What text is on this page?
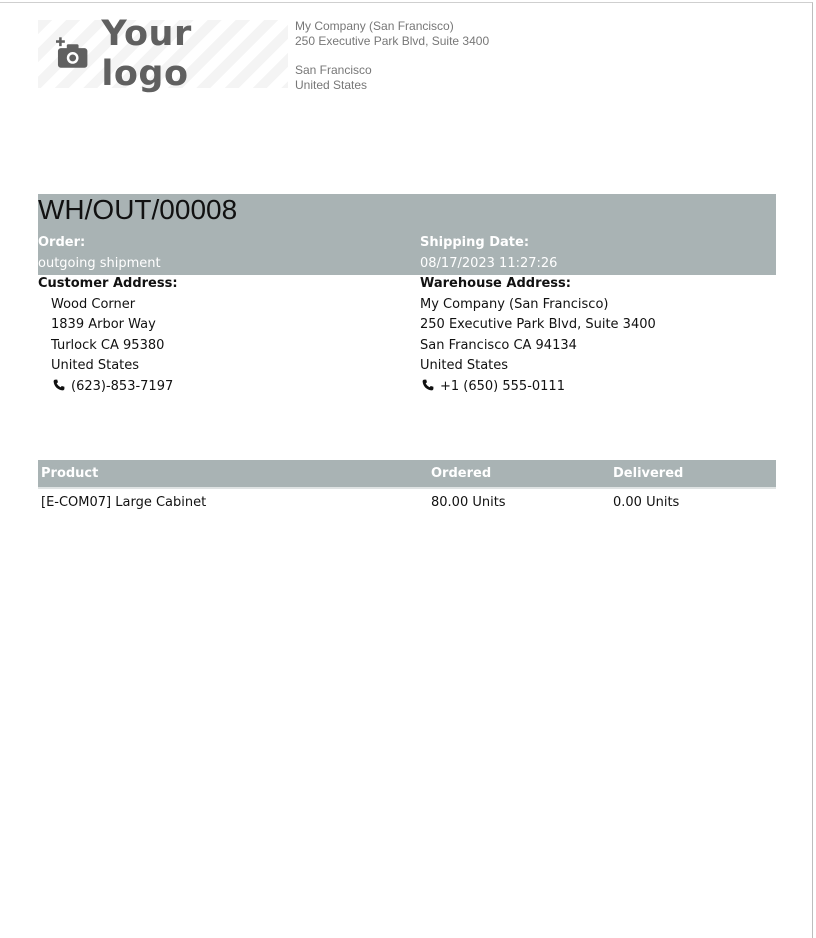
Your logo
My Company (San Francisco)
250 Executive Park Blvd, Suite 3400
San Francisco
United States
WH/OUT/00008
Order:
outgoing shipment
Shipping Date:
08/17/2023 11:27:26
Customer Address:
Wood Corner
1839 Arbor Way
Turlock CA 95380
United States
(623)-853-7197
Warehouse Address:
My Company (San Francisco)
250 Executive Park Blvd, Suite 3400
San Francisco CA 94134
United States
+1 (650) 555-0111
Product	Ordered	Delivered
[E-COM07] Large Cabinet	80.00 Units	0.00 Units
